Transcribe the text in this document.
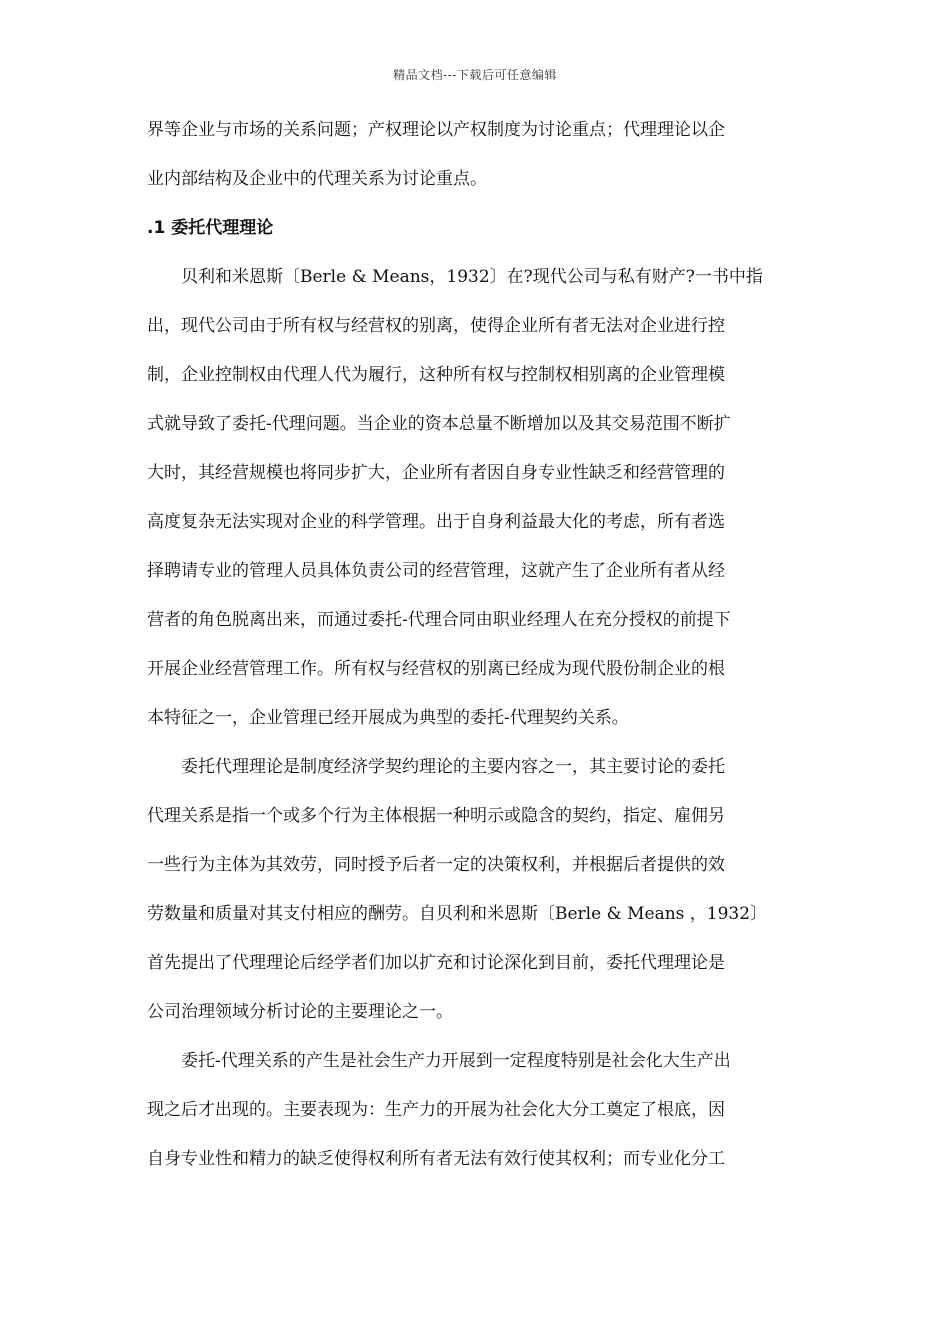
精品文档---下载后可任意编辑
界等企业与市场的关系问题；产权理论以产权制度为讨论重点；代理理论以企
业内部结构及企业中的代理关系为讨论重点。
.1 委托代理理论
贝利和米恩斯〔Berle & Means，1932〕在?现代公司与私有财产?一书中指
出，现代公司由于所有权与经营权的别离，使得企业所有者无法对企业进行控
制，企业控制权由代理人代为履行，这种所有权与控制权相别离的企业管理模
式就导致了委托-代理问题。当企业的资本总量不断增加以及其交易范围不断扩
大时，其经营规模也将同步扩大，企业所有者因自身专业性缺乏和经营管理的
高度复杂无法实现对企业的科学管理。出于自身利益最大化的考虑，所有者选
择聘请专业的管理人员具体负责公司的经营管理，这就产生了企业所有者从经
营者的角色脱离出来，而通过委托-代理合同由职业经理人在充分授权的前提下
开展企业经营管理工作。所有权与经营权的别离已经成为现代股份制企业的根
本特征之一，企业管理已经开展成为典型的委托-代理契约关系。
委托代理理论是制度经济学契约理论的主要内容之一，其主要讨论的委托
代理关系是指一个或多个行为主体根据一种明示或隐含的契约，指定、雇佣另
一些行为主体为其效劳，同时授予后者一定的决策权利，并根据后者提供的效
劳数量和质量对其支付相应的酬劳。自贝利和米恩斯〔Berle & Means ，1932〕
首先提出了代理理论后经学者们加以扩充和讨论深化到目前，委托代理理论是
公司治理领域分析讨论的主要理论之一。
委托-代理关系的产生是社会生产力开展到一定程度特别是社会化大生产出
现之后才出现的。主要表现为：生产力的开展为社会化大分工奠定了根底，因
自身专业性和精力的缺乏使得权利所有者无法有效行使其权利；而专业化分工
